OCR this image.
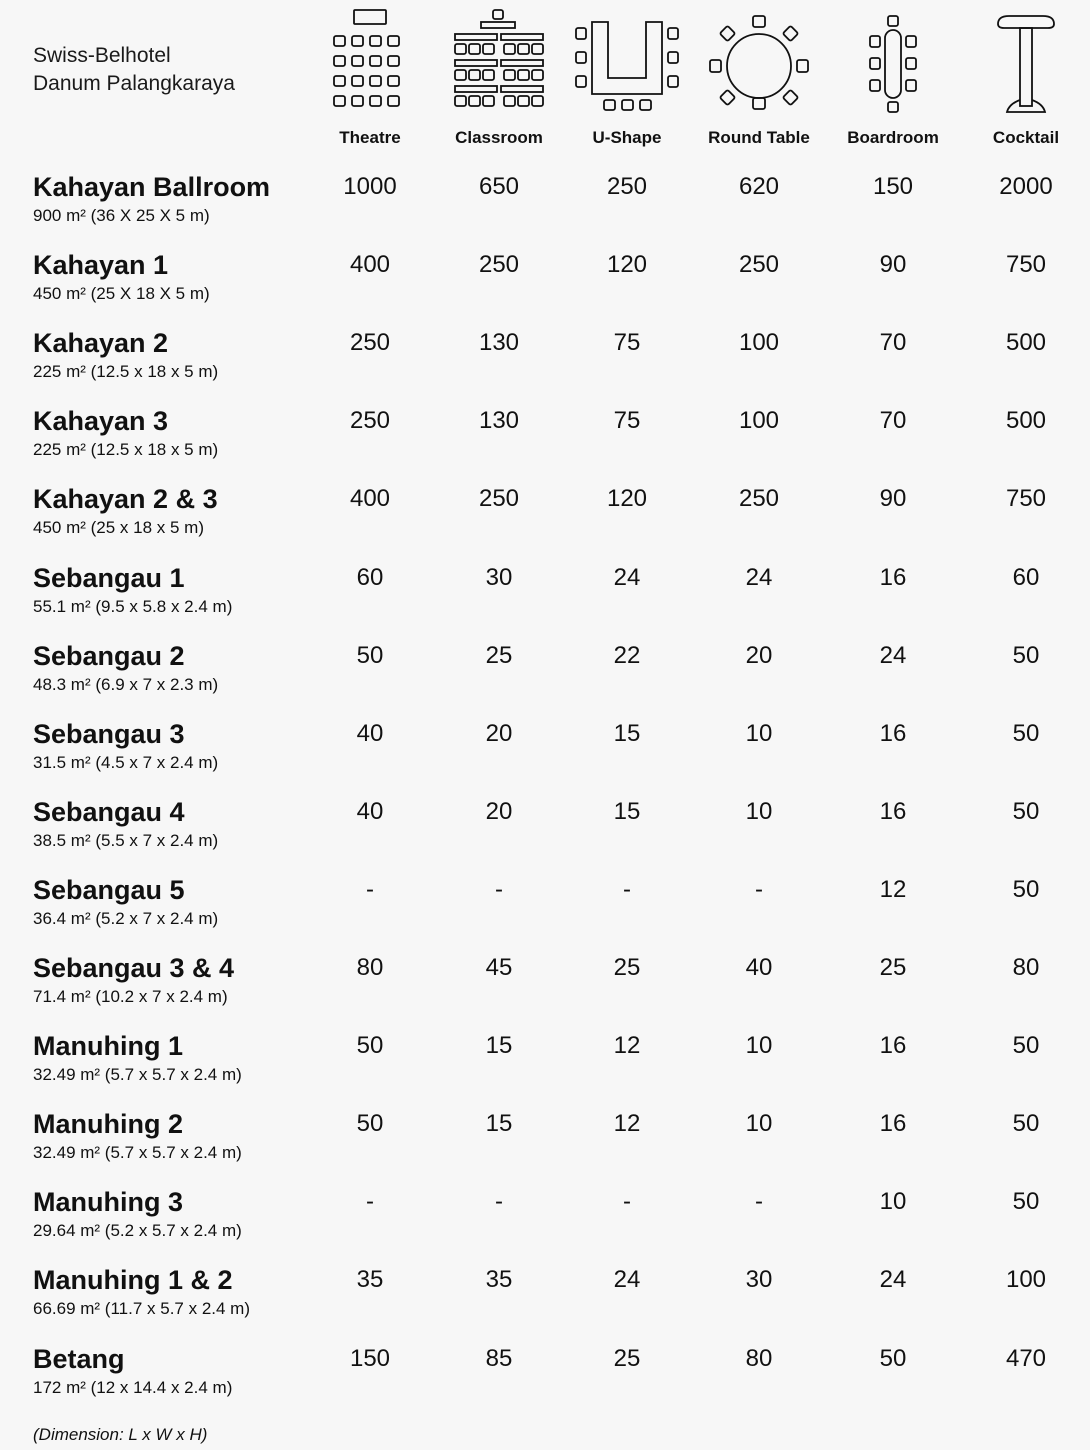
Swiss-Belhotel
Danum Palangkaraya
Theatre	Classroom	U-Shape	Round Table	Boardroom	Cocktail
Kahayan Ballroom
900 m² (36 X 25 X 5 m)
1000	650	250	620	150	2000
Kahayan 1
450 m² (25 X 18 X 5 m)
400	250	120	250	90	750
Kahayan 2
225 m² (12.5 x 18 x 5 m)
250	130	75	100	70	500
Kahayan 3
225 m² (12.5 x 18 x 5 m)
250	130	75	100	70	500
Kahayan 2 & 3
450 m² (25 x 18 x 5 m)
400	250	120	250	90	750
Sebangau 1
55.1 m² (9.5 x 5.8 x 2.4 m)
60	30	24	24	16	60
Sebangau 2
48.3 m² (6.9 x 7 x 2.3 m)
50	25	22	20	24	50
Sebangau 3
31.5 m² (4.5 x 7 x 2.4 m)
40	20	15	10	16	50
Sebangau 4
38.5 m² (5.5 x 7 x 2.4 m)
40	20	15	10	16	50
Sebangau 5
36.4 m² (5.2 x 7 x 2.4 m)
-	-	-	-	12	50
Sebangau 3 & 4
71.4 m² (10.2 x 7 x 2.4 m)
80	45	25	40	25	80
Manuhing 1
32.49 m² (5.7 x 5.7 x 2.4 m)
50	15	12	10	16	50
Manuhing 2
32.49 m² (5.7 x 5.7 x 2.4 m)
50	15	12	10	16	50
Manuhing 3
29.64 m² (5.2 x 5.7 x 2.4 m)
-	-	-	-	10	50
Manuhing 1 & 2
66.69 m² (11.7 x 5.7 x 2.4 m)
35	35	24	30	24	100
Betang
172 m² (12 x 14.4 x 2.4 m)
150	85	25	80	50	470
(Dimension: L x W x H)
